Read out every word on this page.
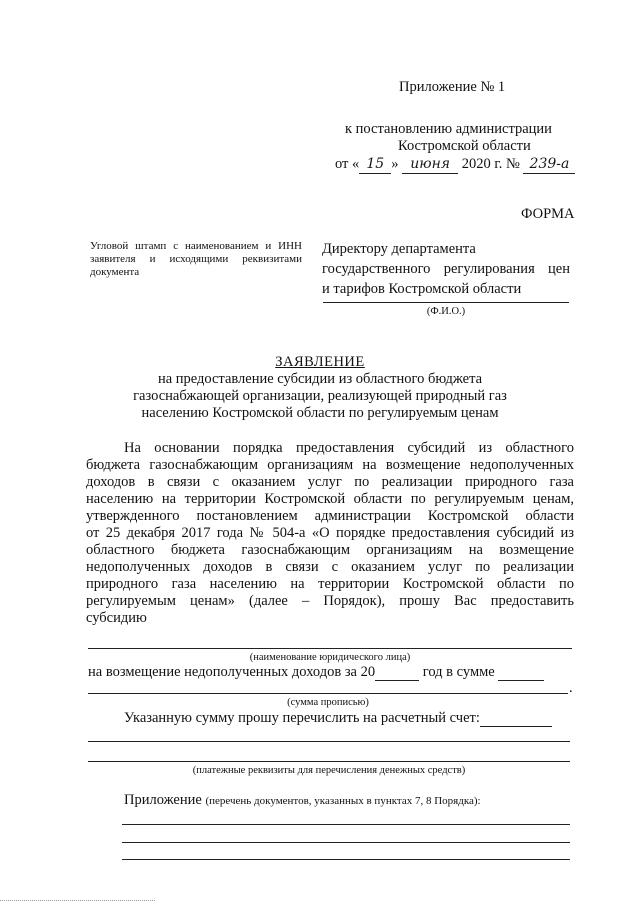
Приложение № 1
к постановлению администрации
Костромской области
от « 15 » июня 2020 г. № 239-а
ФОРМА
Угловой штамп с наименованием и ИНН
заявителя и исходящими реквизитами
документа
Директору департамента
государственного регулирования цен
и тарифов Костромской области
(Ф.И.О.)
ЗАЯВЛЕНИЕ
на предоставление субсидии из областного бюджета
газоснабжающей организации, реализующей природный газ
населению Костромской области по регулируемым ценам
На основании порядка предоставления субсидий из областного
бюджета газоснабжающим организациям на возмещение недополученных
доходов в связи с оказанием услуг по реализации природного газа
населению на территории Костромской области по регулируемым ценам,
утвержденного постановлением администрации Костромской области
от 25 декабря 2017 года № 504-а «О порядке предоставления субсидий из
областного бюджета газоснабжающим организациям на возмещение
недополученных доходов в связи с оказанием услуг по реализации
природного газа населению на территории Костромской области по
регулируемым ценам» (далее – Порядок), прошу Вас предоставить
субсидию
(наименование юридического лица)
на возмещение недополученных доходов за 20	год в сумме
.
(сумма прописью)
Указанную сумму прошу перечислить на расчетный счет:
(платежные реквизиты для перечисления денежных средств)
Приложение (перечень документов, указанных в пунктах 7, 8 Порядка):
